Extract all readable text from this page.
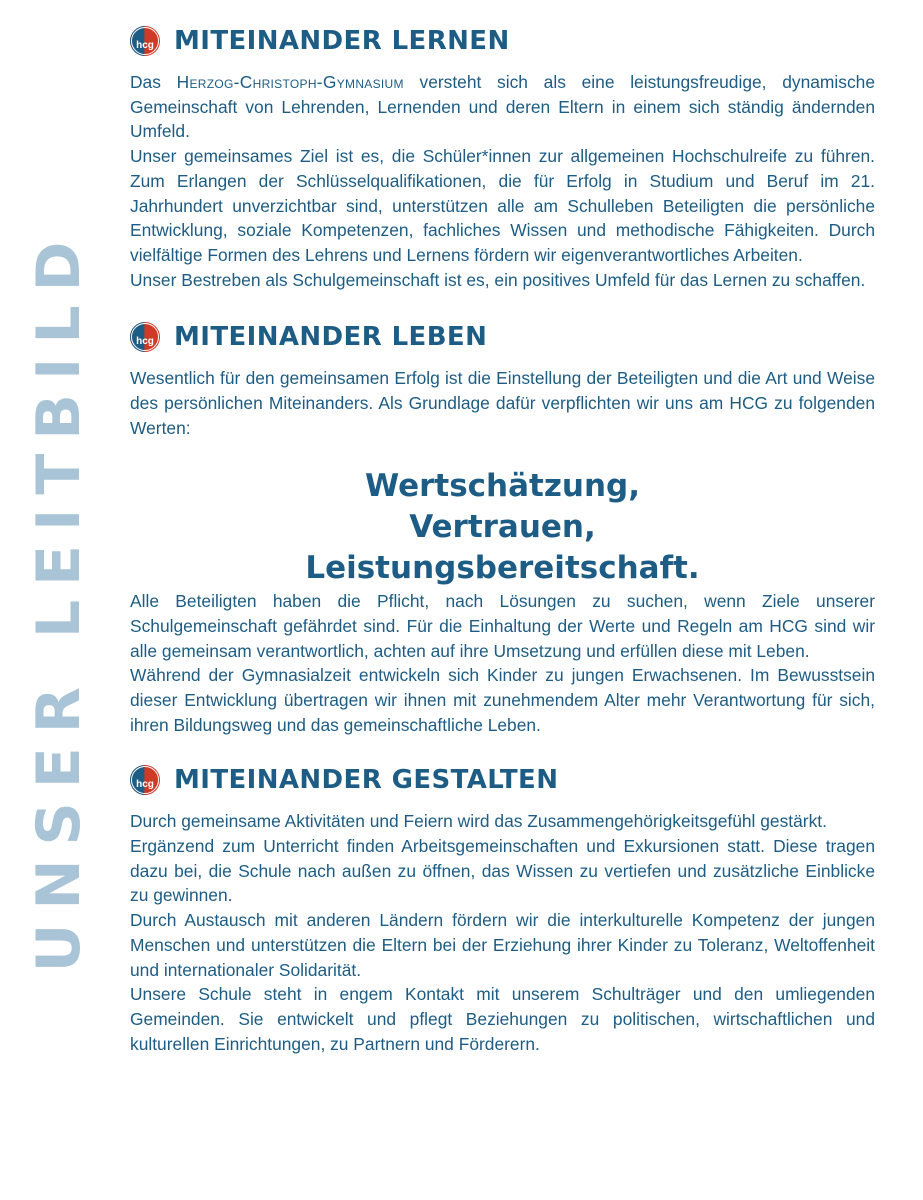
UNSER LEITBILD
hcg MITEINANDER LERNEN

Das Herzog-Christoph-Gymnasium versteht sich als eine leistungsfreudige, dynamische Gemeinschaft von Lehrenden, Lernenden und deren Eltern in einem sich ständig ändernden Umfeld.

Unser gemeinsames Ziel ist es, die Schüler*innen zur allgemeinen Hochschulreife zu führen. Zum Erlangen der Schlüsselqualifikationen, die für Erfolg in Studium und Beruf im 21. Jahrhundert unverzichtbar sind, unterstützen alle am Schulleben Beteiligten die persönliche Entwicklung, soziale Kompetenzen, fachliches Wissen und methodische Fähigkeiten. Durch vielfältige Formen des Lehrens und Lernens fördern wir eigenverantwortliches Arbeiten.

Unser Bestreben als Schulgemeinschaft ist es, ein positives Umfeld für das Lernen zu schaffen.

hcg MITEINANDER LEBEN

Wesentlich für den gemeinsamen Erfolg ist die Einstellung der Beteiligten und die Art und Weise des persönlichen Miteinanders. Als Grundlage dafür verpflichten wir uns am HCG zu folgenden Werten:

Wertschätzung,
Vertrauen,
Leistungsbereitschaft.

Alle Beteiligten haben die Pflicht, nach Lösungen zu suchen, wenn Ziele unserer Schulgemeinschaft gefährdet sind. Für die Einhaltung der Werte und Regeln am HCG sind wir alle gemeinsam verantwortlich, achten auf ihre Umsetzung und erfüllen diese mit Leben.

Während der Gymnasialzeit entwickeln sich Kinder zu jungen Erwachsenen. Im Bewusstsein dieser Entwicklung übertragen wir ihnen mit zunehmendem Alter mehr Verantwortung für sich, ihren Bildungsweg und das gemeinschaftliche Leben.

hcg MITEINANDER GESTALTEN

Durch gemeinsame Aktivitäten und Feiern wird das Zusammengehörigkeitsgefühl gestärkt.

Ergänzend zum Unterricht finden Arbeitsgemeinschaften und Exkursionen statt. Diese tragen dazu bei, die Schule nach außen zu öffnen, das Wissen zu vertiefen und zusätzliche Einblicke zu gewinnen.

Durch Austausch mit anderen Ländern fördern wir die interkulturelle Kompetenz der jungen Menschen und unterstützen die Eltern bei der Erziehung ihrer Kinder zu Toleranz, Weltoffenheit und internationaler Solidarität.

Unsere Schule steht in engem Kontakt mit unserem Schulträger und den umliegenden Gemeinden. Sie entwickelt und pflegt Beziehungen zu politischen, wirtschaftlichen und kulturellen Einrichtungen, zu Partnern und Förderern.
